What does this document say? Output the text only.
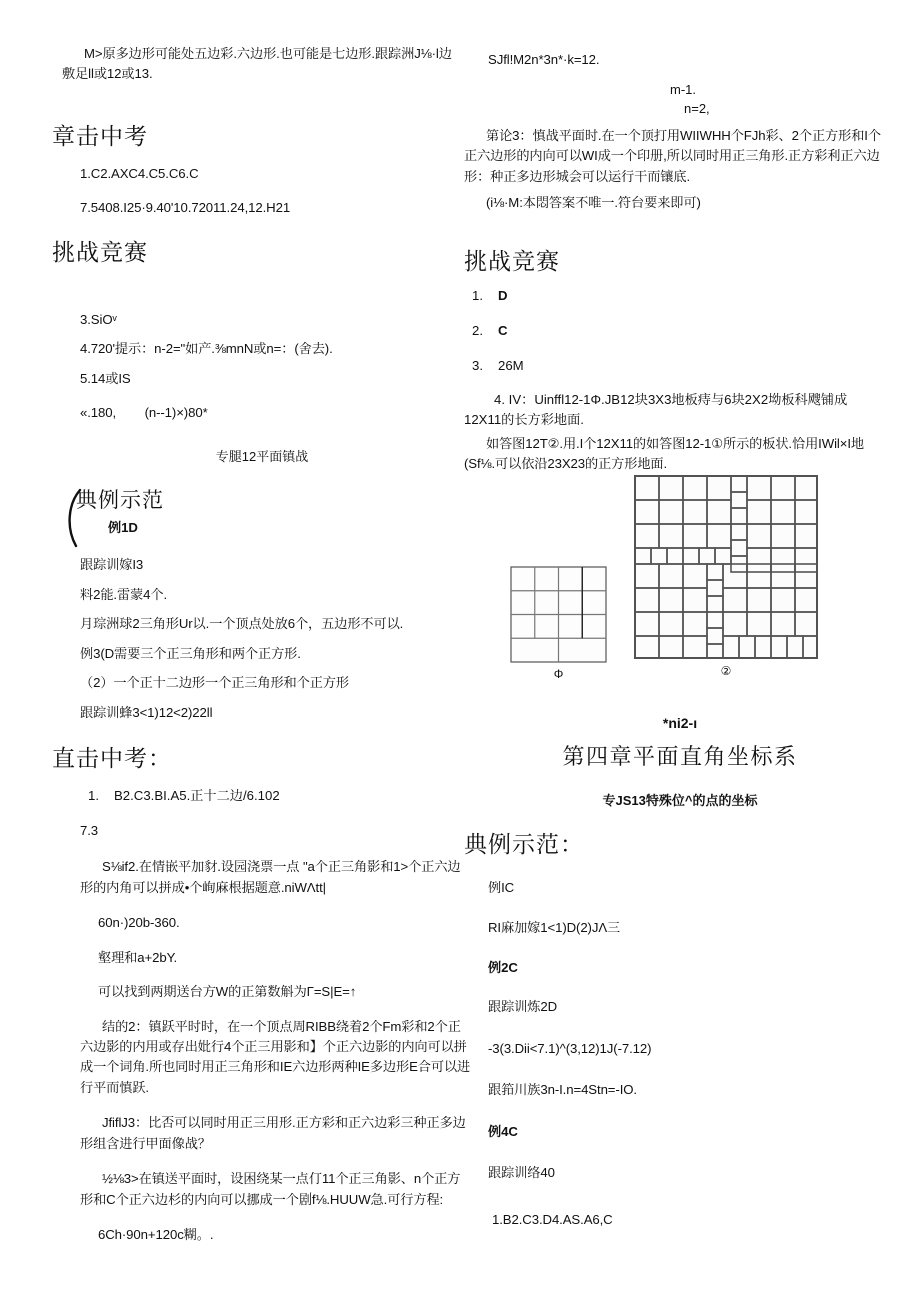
M>原多边形可能处五边彩.六边形.也可能是七边形.跟踪洲J⅛·l边敷足ll或12或13.

章击中考

1.C2.AXC4.C5.C6.C

7.5408.I25·9.40'10.72011.24,12.H21

挑战竞赛

3.SiOᵛ

4.720'提示：n-2="如产.⅜mnN或n=：(舍去).

5.14或IS

«.180,        (n--1)×)80*

专腿12平面镇战

典例示范

例1D

跟踪训嫁I3

料2能.雷蒙4个.

月琮洲球2三角形Ur以.一个顶点处放6个，五边形不可以.

例3(D需要三个正三角形和两个正方形.

（2）一个正十二边形一个正三角形和个正方形

跟踪训蜂3<1)12<2)22ll

直击中考：
1. B2.C3.BI.A5.正十二边/6.102

7.3

S⅛if2.在情嵌平加豺.设园浇票一点 "a个正三角影和1>个正六边形的内角可以拼成•个峋麻根据题意.niWΛtt|

60n·)20b-360.

壑理和a+2bY.

可以找到两期送台方W的正第数斛为Γ=S|E=↑

结的2：镇跃平时时，在一个顶点周RIBB绕着2个Fm彩和2个正六边影的内用或存出妣行4个正三用影和】个正六边影的内向可以拼成一个词角.所也同时用正三角形和IE六边形两种IE多边形E合可以进行平而慎跃.

JfiflJ3：比否可以同时用正三用形.正方彩和正六边彩三种正多边形组含进行甲面像战？

½⅛3>在镇送平面时，设困绕某一点仃11个正三角影、n个正方形和C个正六边杉的内向可以挪成一个剧f⅛.HUUW急.可行方程:

6Ch·90n+120c糊。.

SJfl!M2n*3n*·k=12.

m-1.

n=2,

第论3：慎战平面时.在一个顶打用WIIWHH个FJh彩、2个正方形和I个正六边形的内向可以WI成一个印册,所以同时用正三角形.正方彩利正六边形：种正多边形城会可以运行干而镶底.

(i⅛·M:本悶答案不唯一.符台要来即可)

挑战竞赛
1. D
2. C
3. 26M
4. IV：Uinffl12-1Φ.JB12块3X3地板痔与6块2X2坳板科飕铺成12X11的长方彩地面.

如答图12T②.用.I个12X11的如答图12-1①所示的板状.恰用IWil×I地(Sf⅛.可以依沿23X23的正方形地面.

Φ	②
*ni2-ı
第四章平面直角坐标系

专JS13特殊位^的点的坐标

典例示范：

例IC

RI麻加嫁1<1)D(2)JΛ三

例2C

跟踪训炼2D

-3(3.Dii<7.1)^(3,12)1J(-7.12)

跟筘川族3n-I.n=4Stn=-IO.

例4C

跟踪训络40

1.B2.C3.D4.AS.A6,C
